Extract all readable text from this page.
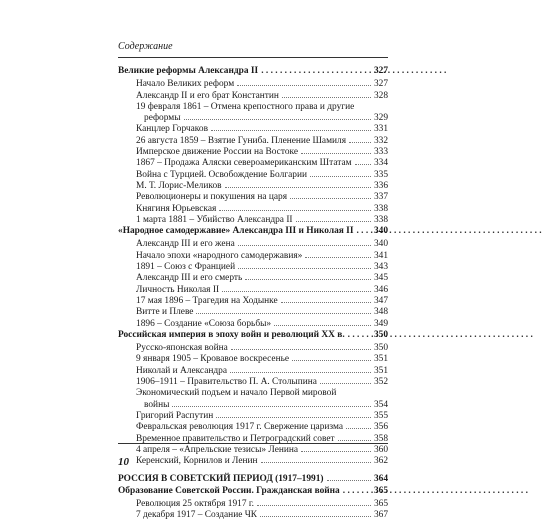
Содержание
Великие реформы Александра II . . .	327
Начало Великих реформ	327
Александр II и его брат Константин	328
19 февраля 1861 – Отмена крепостного права и другие
реформы	329
Канцлер Горчаков	331
26 августа 1859 – Взятие Гуниба. Пленение Шамиля	332
Имперское движение России на Востоке	333
1867 – Продажа Аляски североамериканским Штатам 334
Война с Турцией. Освобождение Болгарии	335
М. Т. Лорис-Меликов	336
Революционеры и покушения на царя	337
Княгиня Юрьевская	338
1 марта 1881 – Убийство Александра II	338
«Народное самодержавие» Александра III и Николая II . . . 340
Александр III и его жена	340
Начало эпохи «народного самодержавия»	341
1891 – Союз с Францией	343
Александр III и его смерть	345
Личность Николая II	346
17 мая 1896 – Трагедия на Ходынке	347
Витте и Плеве	348
1896 – Создание «Союза борьбы»	349
Российская империя в эпоху войн и революций XX в. . . .	350
Русско-японская война	350
9 января 1905 – Кровавое воскресенье	351
Николай и Александра	351
1906–1911 – Правительство П. А. Столыпина	352
Экономический подъем и начало Первой мировой
войны	354
Григорий Распутин	355
Февральская революция 1917 г. Свержение царизма	356
Временное правительство и Петроградский совет	358
4 апреля – «Апрельские тезисы» Ленина	360
Керенский, Корнилов и Ленин	362
РОССИЯ В СОВЕТСКИЙ ПЕРИОД (1917–1991)	364
Образование Советской России. Гражданская война . . .	365
Революция 25 октября 1917 г.	365
7 декабря 1917 – Создание ЧК	367
10
